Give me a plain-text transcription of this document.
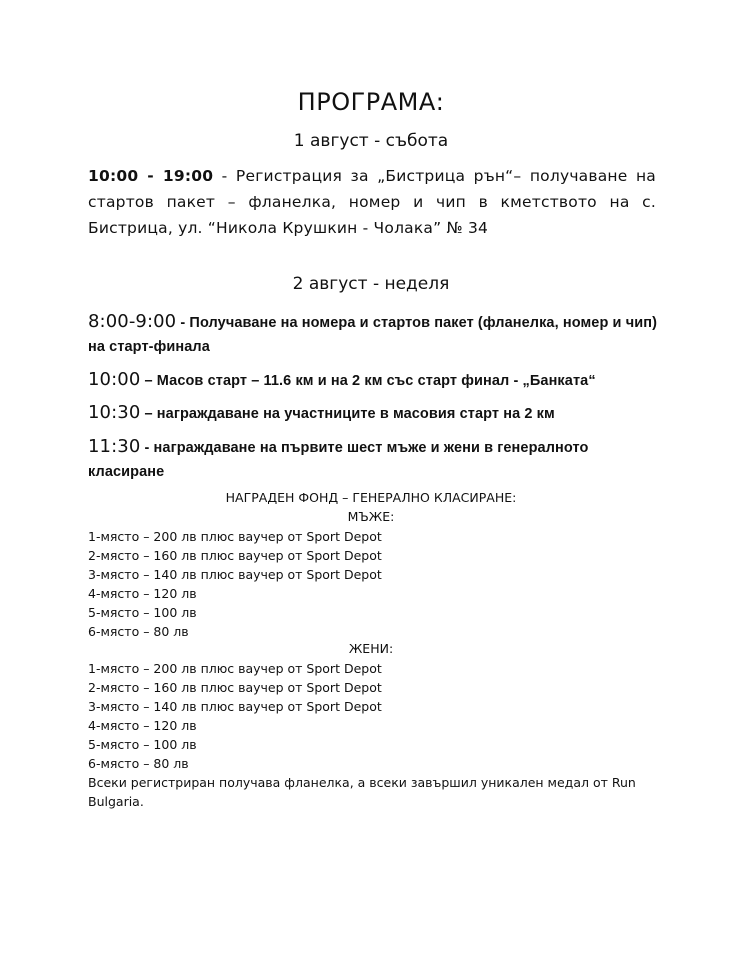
ПРОГРАМА:
1 август - събота
10:00 - 19:00 - Регистрация за „Бистрица рън“– получаване на стартов пакет – фланелка, номер и чип в кметството на с. Бистрица, ул. “Никола Крушкин - Чолака” № 34
2 август - неделя
8:00-9:00 - Получаване на номера и стартов пакет (фланелка, номер и чип) на старт-финала
10:00 – Масов старт – 11.6 км и на 2 км със старт финал - „Банката“
10:30 – награждаване на участниците в масовия старт на 2 км
11:30 - награждаване на първите шест мъже и жени в генералното класиране
НАГРАДЕН ФОНД – ГЕНЕРАЛНО КЛАСИРАНЕ:
МЪЖЕ:
1-място – 200 лв плюс ваучер от Sport Depot
2-място – 160 лв плюс ваучер от Sport Depot
3-място – 140 лв плюс ваучер от Sport Depot
4-място – 120 лв
5-място – 100 лв
6-място – 80 лв
ЖЕНИ:
1-място – 200 лв плюс ваучер от Sport Depot
2-място – 160 лв плюс ваучер от Sport Depot
3-място – 140 лв плюс ваучер от Sport Depot
4-място – 120 лв
5-място – 100 лв
6-място – 80 лв
Всеки регистриран получава фланелка, а всеки завършил уникален медал от Run Bulgaria.
